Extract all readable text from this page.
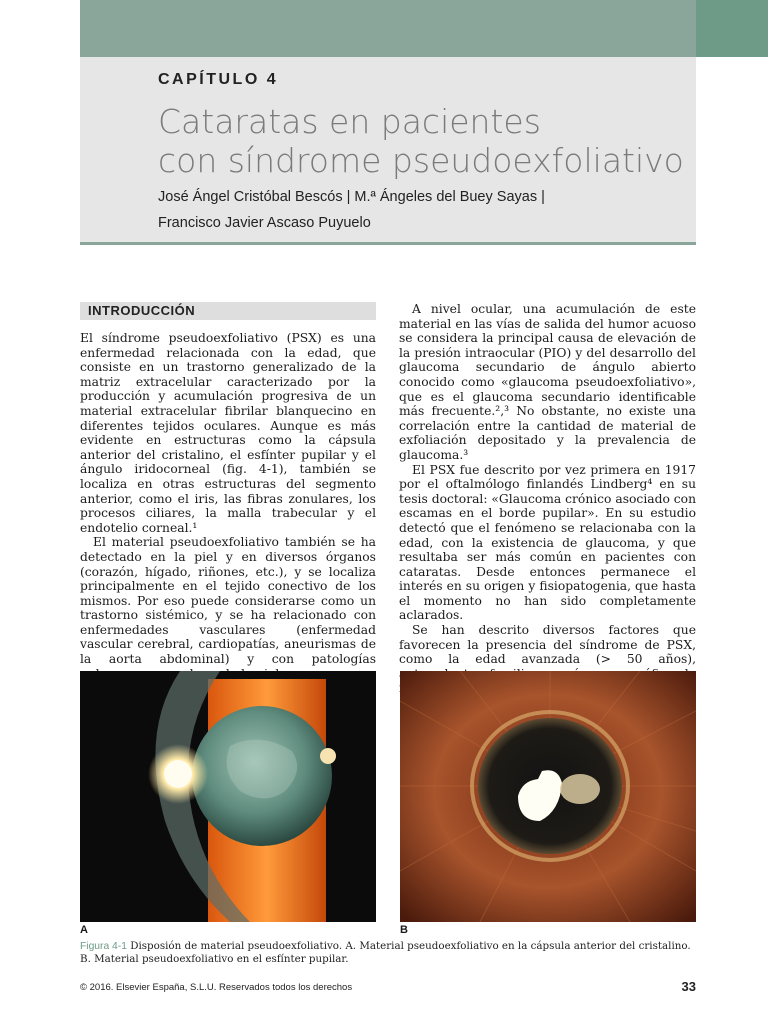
CAPÍTULO 4
Cataratas en pacientes
con síndrome pseudoexfoliativo
José Ángel Cristóbal Bescós | M.ª Ángeles del Buey Sayas |
Francisco Javier Ascaso Puyuelo
INTRODUCCIÓN

El síndrome pseudoexfoliativo (PSX) es una enfermedad relacionada con la edad, que consiste en un trastorno generalizado de la matriz extracelular caracterizado por la producción y acumulación progresiva de un material extracelular fibrilar blanquecino en diferentes tejidos oculares. Aunque es más evidente en estructuras como la cápsula anterior del cristalino, el esfínter pupilar y el ángulo iridocorneal (fig. 4-1), también se localiza en otras estructuras del segmento anterior, como el iris, las fibras zonulares, los procesos ciliares, la malla trabecular y el endotelio corneal.¹

El material pseudoexfoliativo también se ha detectado en la piel y en diversos órganos (corazón, hígado, riñones, etc.), y se localiza principalmente en el tejido conectivo de los mismos. Por eso puede considerarse como un trastorno sistémico, y se ha relacionado con enfermedades vasculares (enfermedad vascular cerebral, cardiopatías, aneurismas de la aorta abdominal) y con patologías

A nivel ocular, una acumulación de este material en las vías de salida del humor acuoso se considera la principal causa de elevación de la presión intraocular (PIO) y del desarrollo del glaucoma secundario de ángulo abierto conocido como «glaucoma pseudoexfoliativo», que es el glaucoma secundario identificable más frecuente.²,³ No obstante, no existe una correlación entre la cantidad de material de exfoliación depositado y la prevalencia de glaucoma.³

El PSX fue descrito por vez primera en 1917 por el oftalmólogo finlandés Lindberg⁴ en su tesis doctoral: «Glaucoma crónico asociado con escamas en el borde pupilar». En su estudio detectó que el fenómeno se relacionaba con la edad, con la existencia de glaucoma, y que resultaba ser más común en pacientes con cataratas. Desde entonces permanece el interés en su origen y fisiopatogenia, que hasta el momento no han sido completamente aclarados.

Se han descrito diversos factores que favorecen la presencia del síndrome de PSX, como la edad avanzada (> 50 años),

A	B
Figura 4-1 Disposión de material pseudoexfoliativo. A. Material pseudoexfoliativo en la cápsula anterior del cristalino. B. Material pseudoexfoliativo en el esfínter pupilar.
© 2016. Elsevier España, S.L.U. Reservados todos los derechos	33
